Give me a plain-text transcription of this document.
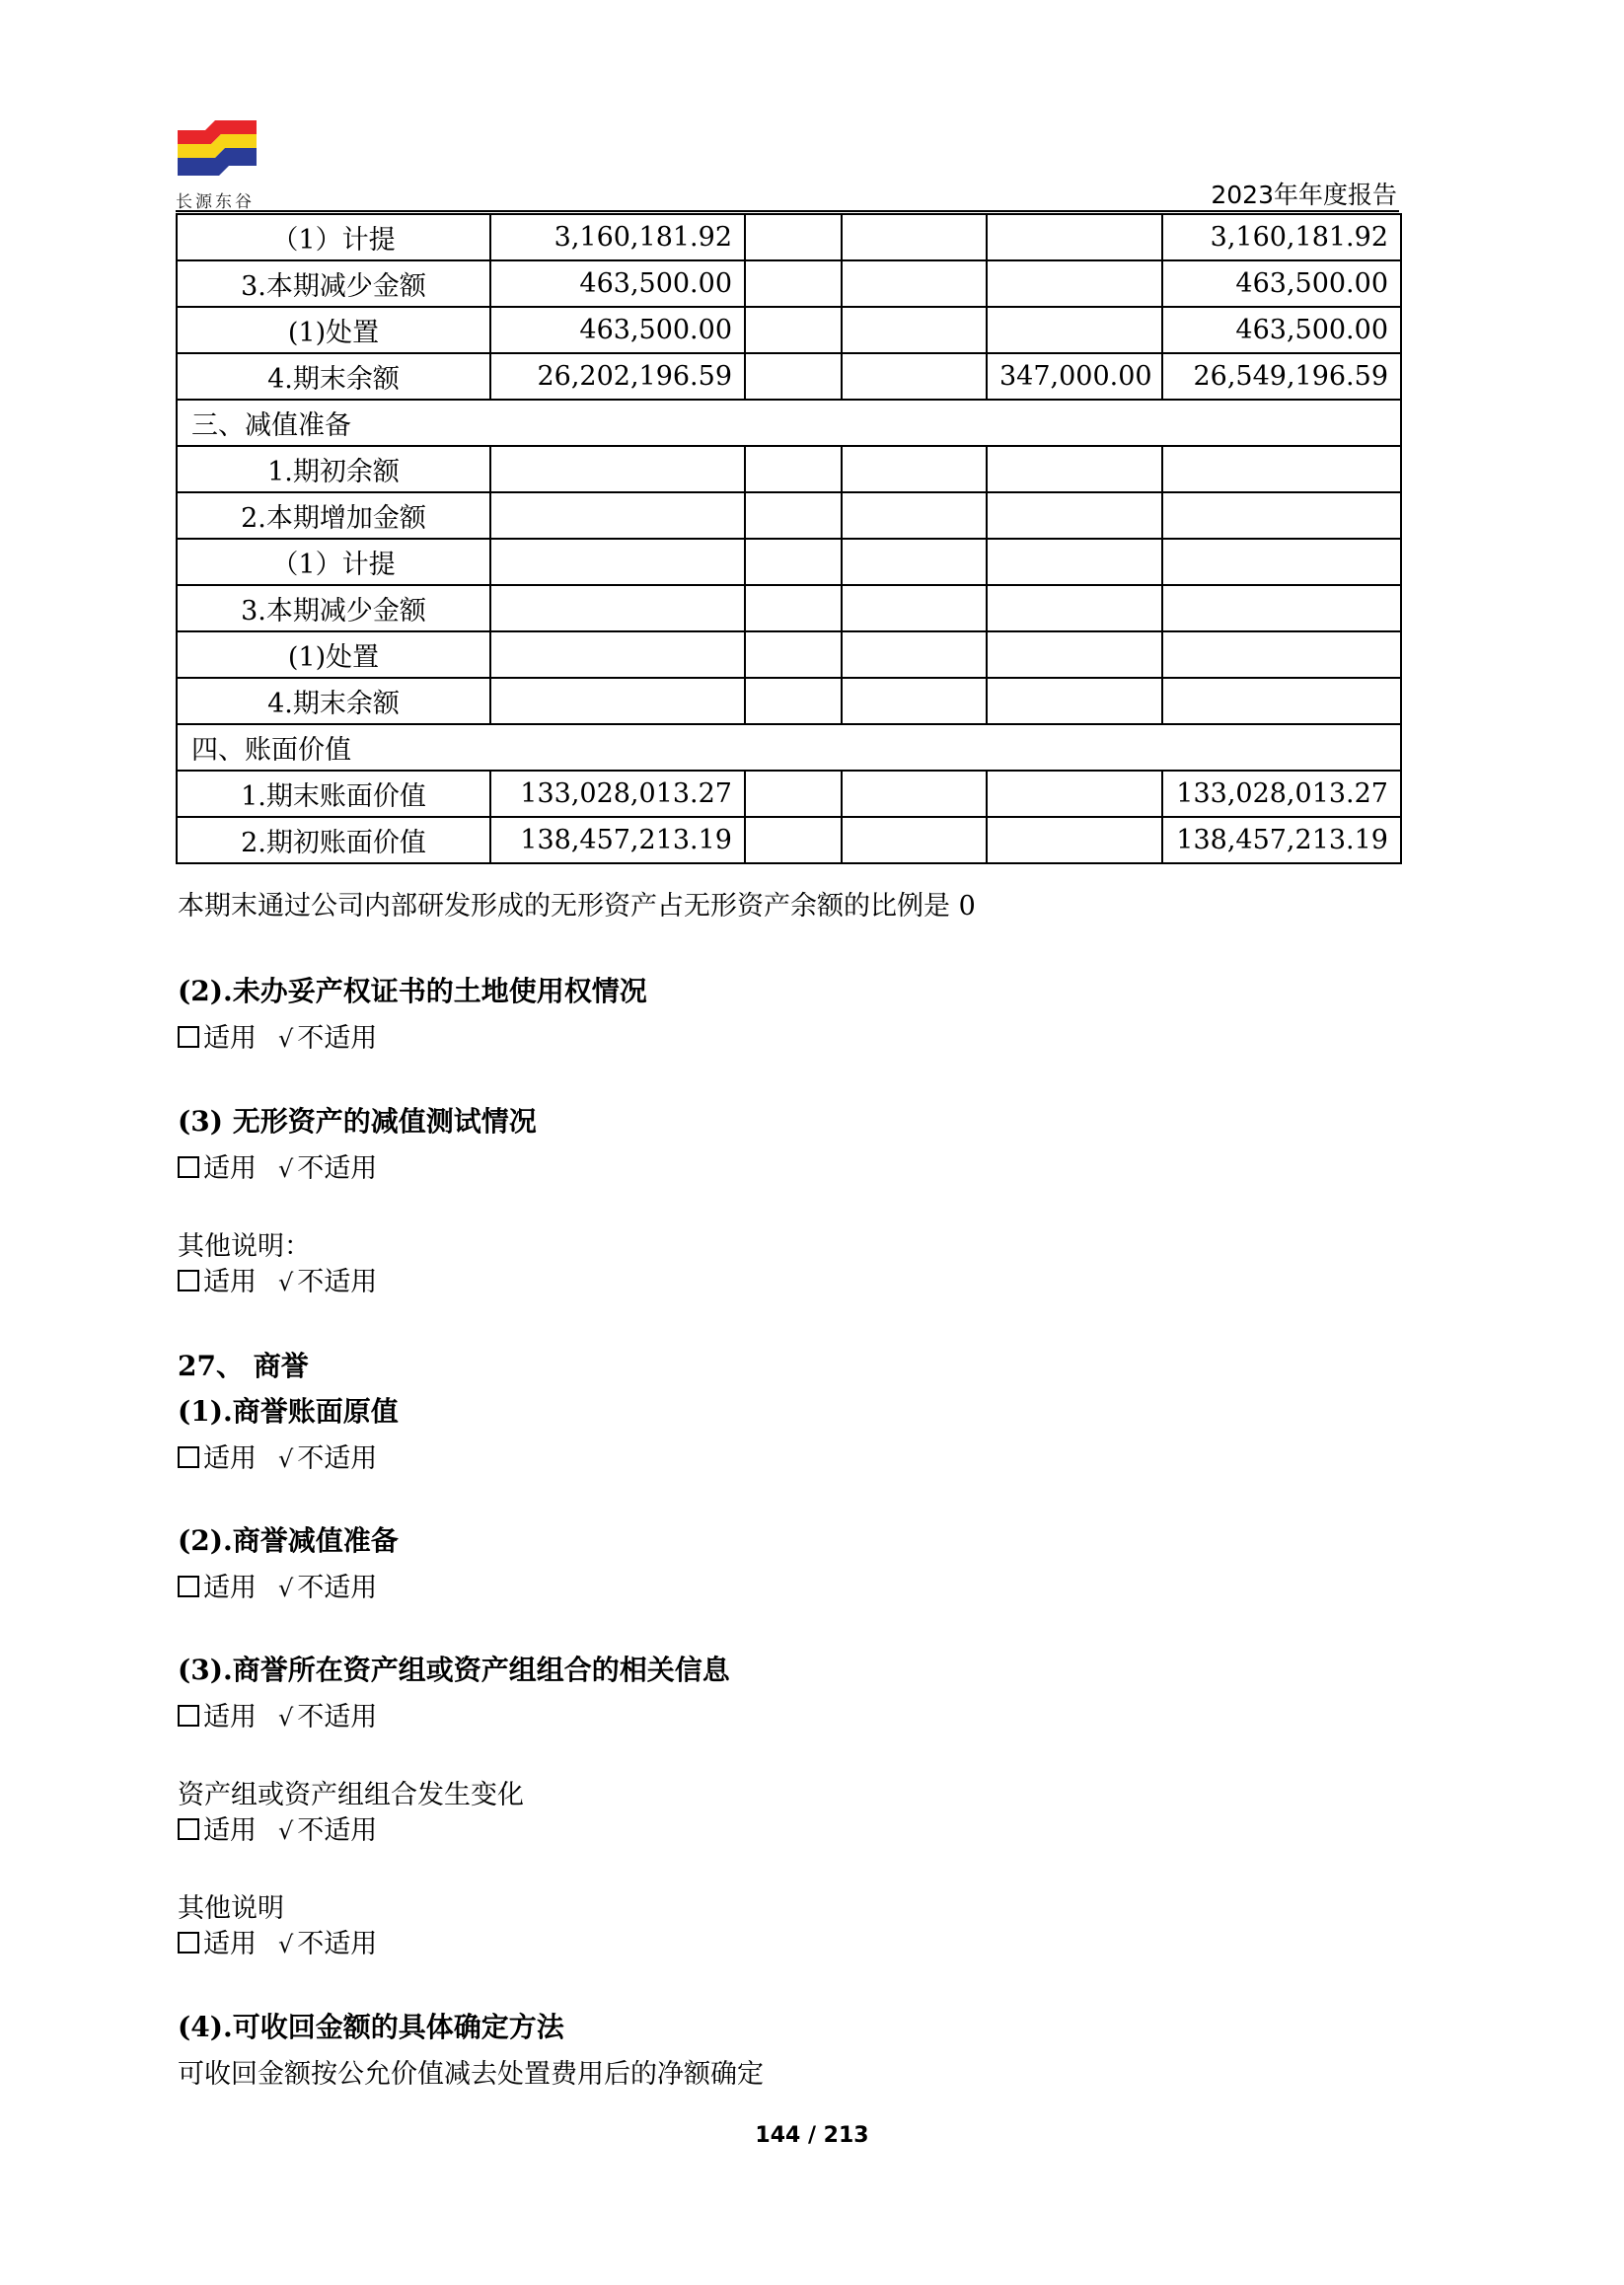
长源东谷	2023年年度报告
（1）计提	3,160,181.92				3,160,181.92
3.本期减少金额	463,500.00				463,500.00
(1)处置	463,500.00				463,500.00
4.期末余额	26,202,196.59			347,000.00	26,549,196.59
三、减值准备					
1.期初余额					
2.本期增加金额					
（1）计提					
3.本期减少金额					
(1)处置					
4.期末余额					
四、账面价值					
1.期末账面价值	133,028,013.27				133,028,013.27
2.期初账面价值	138,457,213.19				138,457,213.19
本期末通过公司内部研发形成的无形资产占无形资产余额的比例是 0
(2).未办妥产权证书的土地使用权情况
适用 √ 不适用
(3) 无形资产的减值测试情况
适用 √ 不适用
其他说明：
适用 √ 不适用
27、 商誉
(1).商誉账面原值
适用 √ 不适用
(2).商誉减值准备
适用 √ 不适用
(3).商誉所在资产组或资产组组合的相关信息
适用 √ 不适用
资产组或资产组组合发生变化
适用 √ 不适用
其他说明
适用 √ 不适用
(4).可收回金额的具体确定方法
可收回金额按公允价值减去处置费用后的净额确定
144 / 213
